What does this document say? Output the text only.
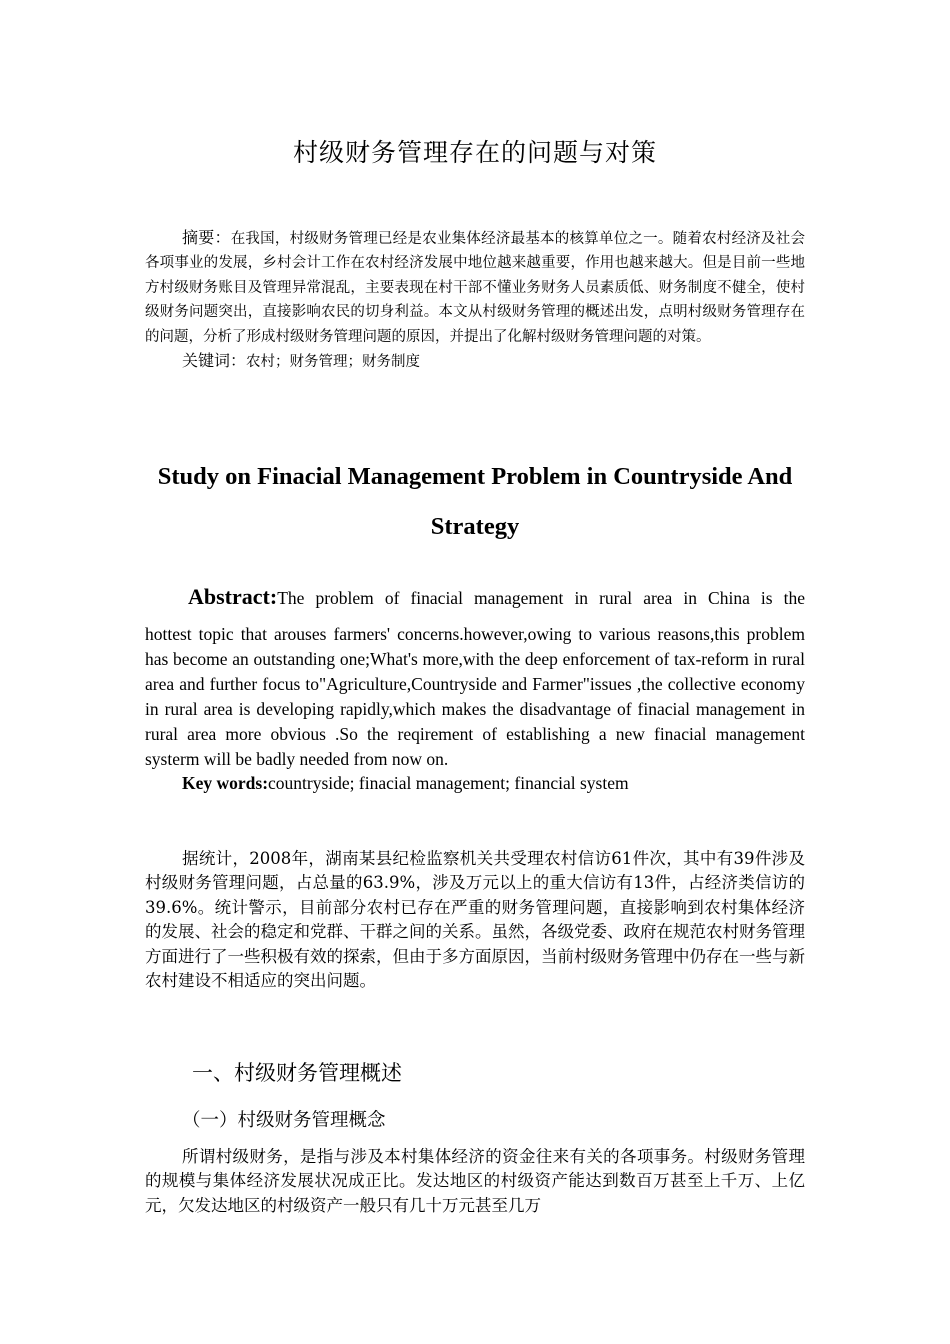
村级财务管理存在的问题与对策

摘要：在我国，村级财务管理已经是农业集体经济最基本的核算单位之一。随着农村经济及社会各项事业的发展，乡村会计工作在农村经济发展中地位越来越重要，作用也越来越大。但是目前一些地方村级财务账目及管理异常混乱，主要表现在村干部不懂业务财务人员素质低、财务制度不健全，使村级财务问题突出，直接影响农民的切身利益。本文从村级财务管理的概述出发，点明村级财务管理存在的问题，分析了形成村级财务管理问题的原因，并提出了化解村级财务管理问题的对策。

关键词：农村；财务管理；财务制度

Study on Finacial Management Problem in Countryside And
Strategy
Abstract:The problem of finacial management in rural area in China is the

hottest topic that arouses farmers' concerns.however,owing to various reasons,this problem has become an outstanding one;What's more,with the deep enforcement of tax-reform in rural area and further focus to"Agriculture,Countryside and Farmer"issues ,the collective economy in rural area is developing rapidly,which makes the disadvantage of finacial management in rural area more obvious .So the reqirement of establishing a new finacial management systerm will be badly needed from now on.

Key words:countryside; finacial management; financial system

据统计，2008年，湖南某县纪检监察机关共受理农村信访61件次，其中有39件涉及村级财务管理问题，占总量的63.9%，涉及万元以上的重大信访有13件，占经济类信访的39.6%。统计警示，目前部分农村已存在严重的财务管理问题，直接影响到农村集体经济的发展、社会的稳定和党群、干群之间的关系。虽然，各级党委、政府在规范农村财务管理方面进行了一些积极有效的探索，但由于多方面原因，当前村级财务管理中仍存在一些与新农村建设不相适应的突出问题。

一、村级财务管理概述
（一）村级财务管理概念

所谓村级财务，是指与涉及本村集体经济的资金往来有关的各项事务。村级财务管理的规模与集体经济发展状况成正比。发达地区的村级资产能达到数百万甚至上千万、上亿元，欠发达地区的村级资产一般只有几十万元甚至几万
